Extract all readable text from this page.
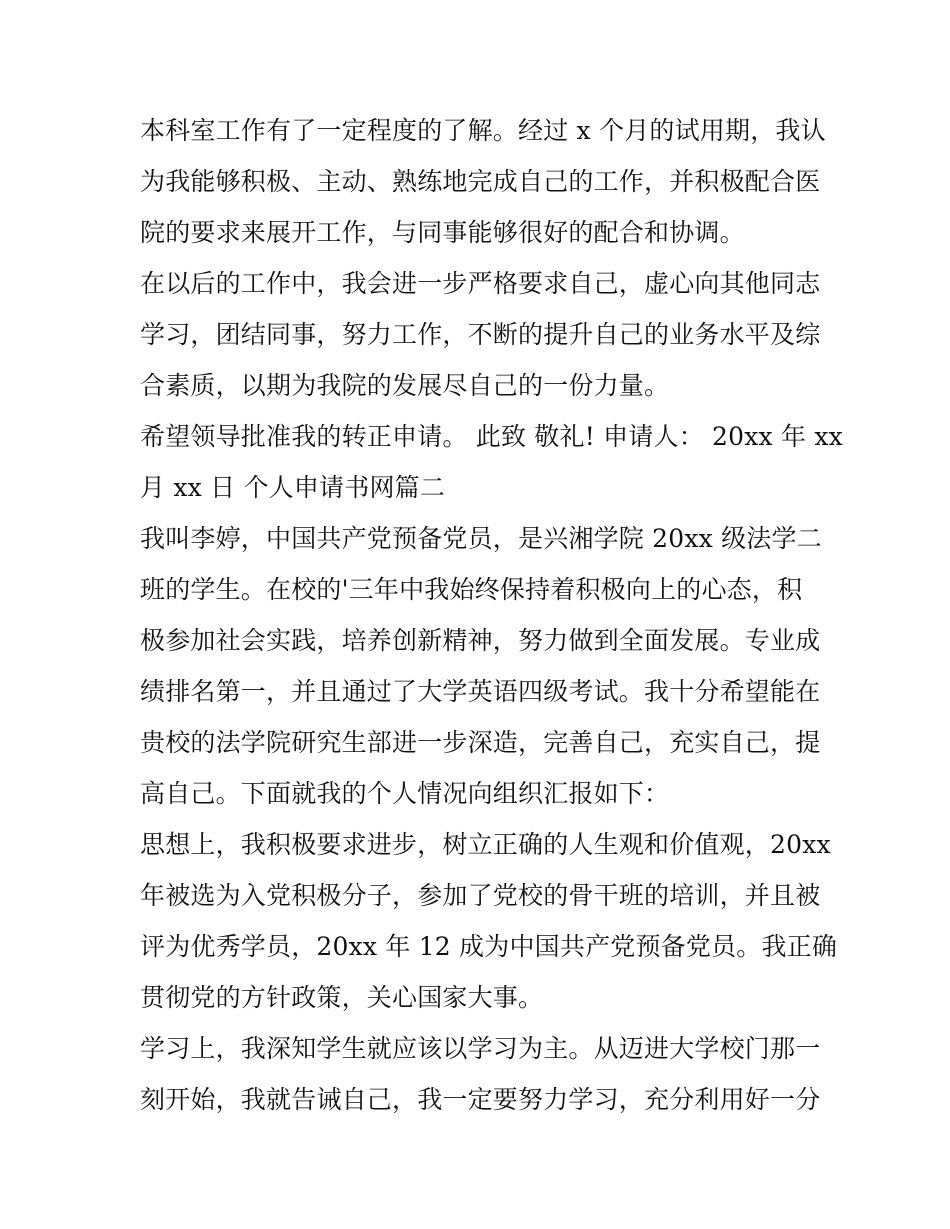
本科室工作有了一定程度的了解。经过 x 个月的试用期，我认
为我能够积极、主动、熟练地完成自己的工作，并积极配合医
院的要求来展开工作，与同事能够很好的配合和协调。

在以后的工作中，我会进一步严格要求自己，虚心向其他同志
学习，团结同事，努力工作，不断的提升自己的业务水平及综
合素质，以期为我院的发展尽自己的一份力量。

希望领导批准我的转正申请。 此致 敬礼! 申请人： 20xx 年 xx
月 xx 日 个人申请书网篇二

我叫李婷，中国共产党预备党员，是兴湘学院 20xx 级法学二
班的学生。在校的'三年中我始终保持着积极向上的心态，积
极参加社会实践，培养创新精神，努力做到全面发展。专业成
绩排名第一，并且通过了大学英语四级考试。我十分希望能在
贵校的法学院研究生部进一步深造，完善自己，充实自己，提
高自己。下面就我的个人情况向组织汇报如下：

思想上，我积极要求进步，树立正确的人生观和价值观，20xx
年被选为入党积极分子，参加了党校的骨干班的培训，并且被
评为优秀学员，20xx 年 12 成为中国共产党预备党员。我正确
贯彻党的方针政策，关心国家大事。

学习上，我深知学生就应该以学习为主。从迈进大学校门那一
刻开始，我就告诫自己，我一定要努力学习，充分利用好一分
